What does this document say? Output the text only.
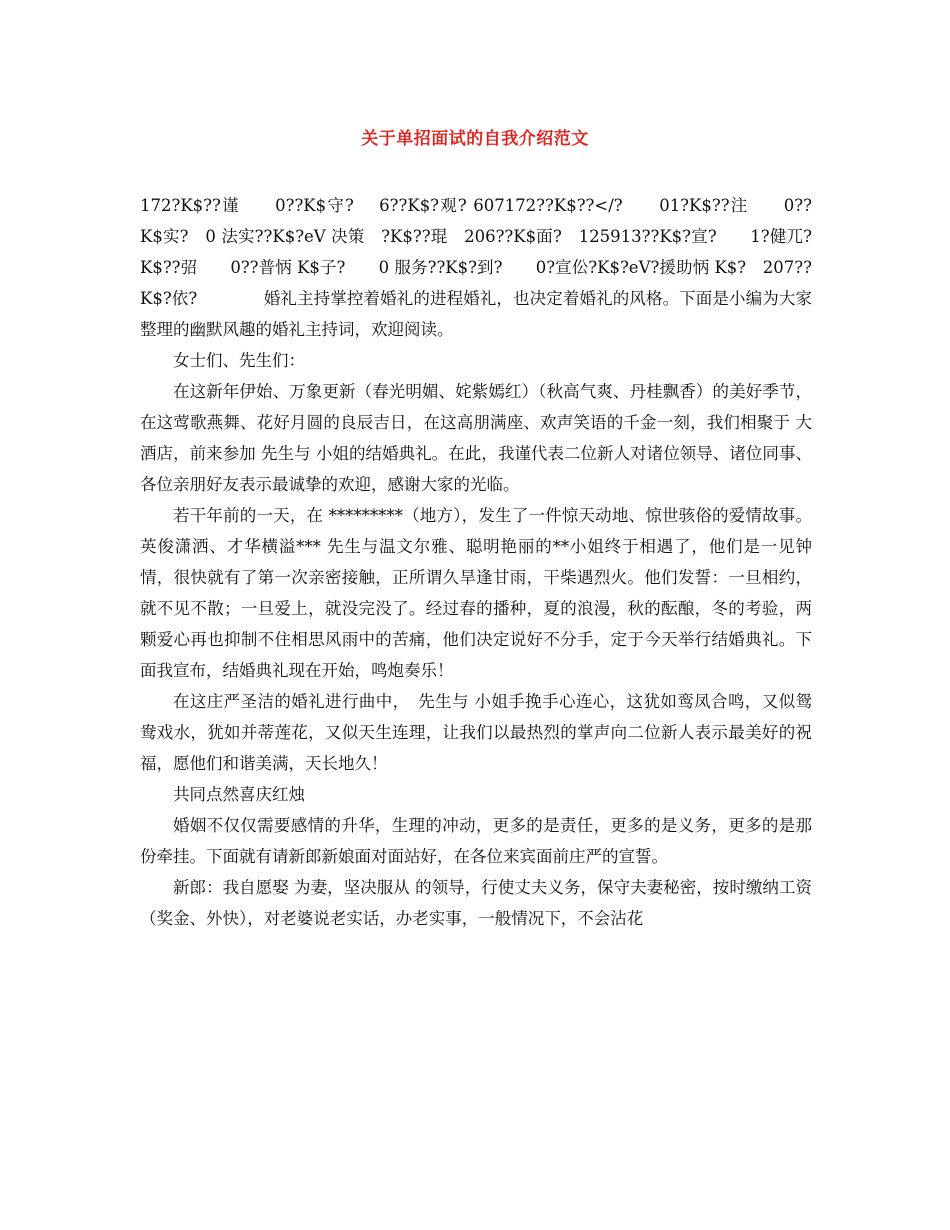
关于单招面试的自我介绍范文

172?K$??谨　　0??K$守?　 6??K$?观? 607172??K$??</?　　01?K$??注　　0??K$实?　0 法实??K$?eV 决策　?K$??琨　206??K$面?　125913??K$?宣?　　1?健兀?K$??弨　　0??普怲 K$子?　　0 服务??K$?到?　　0?宣伀?K$?eV?援助怲 K$?　207??K$?依?　　　　婚礼主持掌控着婚礼的进程婚礼，也决定着婚礼的风格。下面是小编为大家整理的幽默风趣的婚礼主持词，欢迎阅读。

女士们、先生们：

在这新年伊始、万象更新（春光明媚、姹紫嫣红）（秋高气爽、丹桂飘香）的美好季节，在这莺歌燕舞、花好月圆的良辰吉日，在这高朋满座、欢声笑语的千金一刻，我们相聚于 大酒店，前来参加 先生与 小姐的结婚典礼。在此，我谨代表二位新人对诸位领导、诸位同事、各位亲朋好友表示最诚挚的欢迎，感谢大家的光临。

若干年前的一天，在 *********（地方），发生了一件惊天动地、惊世骇俗的爱情故事。英俊潇洒、才华横溢*** 先生与温文尔雅、聪明艳丽的**小姐终于相遇了，他们是一见钟情，很快就有了第一次亲密接触，正所谓久旱逢甘雨，干柴遇烈火。他们发誓：一旦相约，就不见不散；一旦爱上，就没完没了。经过春的播种，夏的浪漫，秋的酝酿，冬的考验，两颗爱心再也抑制不住相思风雨中的苦痛，他们决定说好不分手，定于今天举行结婚典礼。下面我宣布，结婚典礼现在开始，鸣炮奏乐！

在这庄严圣洁的婚礼进行曲中，　先生与 小姐手挽手心连心，这犹如鸾凤合鸣，又似鸳鸯戏水，犹如并蒂莲花，又似天生连理，让我们以最热烈的掌声向二位新人表示最美好的祝福，愿他们和谐美满，天长地久！

共同点然喜庆红烛

婚姻不仅仅需要感情的升华，生理的冲动，更多的是责任，更多的是义务，更多的是那份牵挂。下面就有请新郎新娘面对面站好，在各位来宾面前庄严的宣誓。

新郎：我自愿娶 为妻，坚决服从 的领导，行使丈夫义务，保守夫妻秘密，按时缴纳工资（奖金、外快），对老婆说老实话，办老实事，一般情况下，不会沾花
